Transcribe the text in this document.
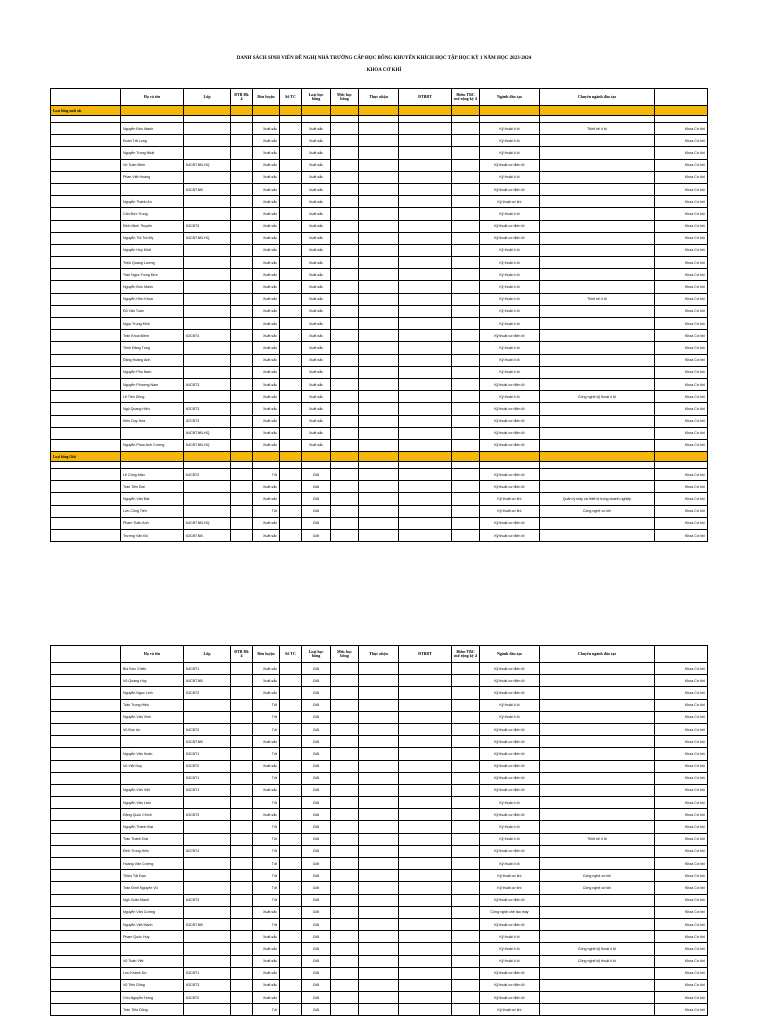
DANH SÁCH SINH VIÊN ĐỀ NGHỊ NHÀ TRƯỜNG CẤP HỌC BỔNG KHUYẾN KHÍCH HỌC TẬP HỌC KỲ 1 NĂM HỌC 2023-2024
KHOA CƠ KHÍ
	Họ và tên	Lớp	ĐTB Hk 4	Rèn luyện	Số TC	Loại học bổng	Mức học bổng	Thực nhận	ĐTBĐT	Điểm TBC mở rộng kỳ 4	Ngành đào tạo	Chuyên ngành đào tạo	
Loại bổng xuất sắc													

	Nguyễn Đức Mạnh			Xuất sắc		Xuất sắc					Kỹ thuật ô tô	Thiết kế ô tô	Khoa Cơ khí
	Đoàn Tất Long			Xuất sắc		Xuất sắc					Kỹ thuật ô tô		Khoa Cơ khí
	Nguyễn Trọng Nhật			Xuất sắc		Xuất sắc					Kỹ thuật ô tô		Khoa Cơ khí
	Vũ Tuấn Minh	64CBT.NB-HQ		Xuất sắc		Xuất sắc					Kỹ thuật cơ điện tử		Khoa Cơ khí
	Phan Việt Hoàng			Xuất sắc		Xuất sắc					Kỹ thuật ô tô		Khoa Cơ khí
		63CBT.NB		Xuất sắc		Xuất sắc					Kỹ thuật cơ điện tử		Khoa Cơ khí
	Nguyễn Thành An			Xuất sắc		Xuất sắc					Kỹ thuật cơ khí		Khoa Cơ khí
	Cấn Đức Trung			Xuất sắc		Xuất sắc					Kỹ thuật ô tô		Khoa Cơ khí
	Đinh Minh Thuyên	63CBT3		Xuất sắc		Xuất sắc					Kỹ thuật cơ điện tử		Khoa Cơ khí
	Nguyễn Thị Trà My	64CBT.NB-HQ		Xuất sắc		Xuất sắc					Kỹ thuật cơ điện tử		Khoa Cơ khí
	Nguyễn Huy Khải			Xuất sắc		Xuất sắc					Kỹ thuật ô tô		Khoa Cơ khí
	Triệu Quang Lương			Xuất sắc		Xuất sắc					Kỹ thuật ô tô		Khoa Cơ khí
	Trần Ngọc Trung Đức			Xuất sắc		Xuất sắc					Kỹ thuật ô tô		Khoa Cơ khí
	Nguyễn Đức Mạnh			Xuất sắc		Xuất sắc					Kỹ thuật ô tô		Khoa Cơ khí
	Nguyễn Hữu Khoa			Xuất sắc		Xuất sắc					Kỹ thuật ô tô	Thiết kế ô tô	Khoa Cơ khí
	Đỗ Văn Toàn			Xuất sắc		Xuất sắc					Kỹ thuật ô tô		Khoa Cơ khí
	Ngọc Trung Khôi			Xuất sắc		Xuất sắc					Kỹ thuật ô tô		Khoa Cơ khí
	Trần Khoa Điềm	63CBT4		Xuất sắc		Xuất sắc					Kỹ thuật cơ điện tử		Khoa Cơ khí
	Trịnh Đăng Tùng			Xuất sắc		Xuất sắc					Kỹ thuật ô tô		Khoa Cơ khí
	Đặng Hoàng Anh			Xuất sắc		Xuất sắc					Kỹ thuật ô tô		Khoa Cơ khí
	Nguyễn Phú Nam			Xuất sắc		Xuất sắc					Kỹ thuật ô tô		Khoa Cơ khí
	Nguyễn Phương Nam	64CBT3		Xuất sắc		Xuất sắc					Kỹ thuật cơ điện tử		Khoa Cơ khí
	Lê Tiến Dũng			Xuất sắc		Xuất sắc					Kỹ thuật ô tô	Công nghệ kỹ thuật ô tô	Khoa Cơ khí
	Ngô Quang Hiếu	62CBT3		Xuất sắc		Xuất sắc					Kỹ thuật cơ điện tử		Khoa Cơ khí
	Kiều Duy Hòa	62CBT3		Xuất sắc		Xuất sắc					Kỹ thuật cơ điện tử		Khoa Cơ khí
		64CBT.NB-HQ		Xuất sắc		Xuất sắc					Kỹ thuật cơ điện tử		Khoa Cơ khí
	Nguyễn Phan Anh Cường	64CBT.NB-HQ		Xuất sắc		Xuất sắc					Kỹ thuật cơ điện tử		Khoa Cơ khí
Loại bổng Giỏi													

	Lê Công Mậu	64CBT2		Tốt		Giỏi					Kỹ thuật cơ điện tử		Khoa Cơ khí
	Trần Tiến Đạt			Xuất sắc		Giỏi					Kỹ thuật cơ điện tử		Khoa Cơ khí
	Nguyễn Văn Đạt			Xuất sắc		Giỏi					Kỹ thuật cơ khí	Quản lý máy và thiết bị trong doanh nghiệp	Khoa Cơ khí
	Lưu Công Tiến			Tốt		Giỏi					Kỹ thuật cơ khí	Công nghệ cơ khí	Khoa Cơ khí
	Phạm Tuấn Anh	64CBT.NB-HQ		Xuất sắc		Giỏi					Kỹ thuật cơ điện tử		Khoa Cơ khí
	Trương Văn Đô	63CBT.NB		Xuất sắc		Giỏi					Kỹ thuật cơ điện tử		Khoa Cơ khí
	Họ và tên	Lớp	ĐTB Hk 4	Rèn luyện	Số TC	Loại học bổng	Mức học bổng	Thực nhận	ĐTBĐT	Điểm TBC mở rộng kỳ 4	Ngành đào tạo	Chuyên ngành đào tạo	
	Bùi Đức Chiến	64CBT1		Xuất sắc		Giỏi					Kỹ thuật cơ điện tử		Khoa Cơ khí
	Vũ Quang Huy	64CBT.NB		Xuất sắc		Giỏi					Kỹ thuật cơ điện tử		Khoa Cơ khí
	Nguyễn Ngọc Linh	63CBT2		Xuất sắc		Giỏi					Kỹ thuật cơ điện tử		Khoa Cơ khí
	Trần Trọng Hiếu			Tốt		Giỏi					Kỹ thuật ô tô		Khoa Cơ khí
	Nguyễn Văn Vinh			Tốt		Giỏi					Kỹ thuật ô tô		Khoa Cơ khí
	Vũ Đức An	64CBT2		Tốt		Giỏi					Kỹ thuật cơ điện tử		Khoa Cơ khí
		63CBT.NB		Xuất sắc		Giỏi					Kỹ thuật cơ điện tử		Khoa Cơ khí
	Nguyễn Văn Hoàn	63CBT1		Tốt		Giỏi					Kỹ thuật cơ điện tử		Khoa Cơ khí
	Vũ Việt Duy	63CBT2		Xuất sắc		Giỏi					Kỹ thuật cơ điện tử		Khoa Cơ khí
		63CBT1		Tốt		Giỏi					Kỹ thuật cơ điện tử		Khoa Cơ khí
	Nguyễn Văn Việt	64CBT1		Xuất sắc		Giỏi					Kỹ thuật cơ điện tử		Khoa Cơ khí
	Nguyễn Văn Lâm			Tốt		Giỏi					Kỹ thuật ô tô		Khoa Cơ khí
	Đặng Quốc Chính	63CBT3		Xuất sắc		Giỏi					Kỹ thuật cơ điện tử		Khoa Cơ khí
	Nguyễn Thành Đạt			Tốt		Giỏi					Kỹ thuật ô tô		Khoa Cơ khí
	Trần Thành Đạt			Tốt		Giỏi					Kỹ thuật ô tô	Thiết kế ô tô	Khoa Cơ khí
	Đinh Trung Hiếu	62CBT4		Tốt		Giỏi					Kỹ thuật cơ điện tử		Khoa Cơ khí
	Hoàng Văn Cường			Tốt		Giỏi					Kỹ thuật ô tô		Khoa Cơ khí
	Thiều Tất Đạo			Tốt		Giỏi					Kỹ thuật cơ khí	Công nghệ cơ khí	Khoa Cơ khí
	Trần Đình Nguyên Vũ			Tốt		Giỏi					Kỹ thuật cơ khí	Công nghệ cơ khí	Khoa Cơ khí
	Ngô Xuân Mạnh	64CBT3		Tốt		Giỏi					Kỹ thuật cơ điện tử		Khoa Cơ khí
	Nguyễn Văn Cường			Xuất sắc		Giỏi					Công nghệ chế tạo máy		Khoa Cơ khí
	Nguyễn Viết Mạnh	63CBT.NB		Tốt		Giỏi					Kỹ thuật cơ điện tử		Khoa Cơ khí
	Phạm Quốc Huy			Xuất sắc		Giỏi					Kỹ thuật ô tô		Khoa Cơ khí
				Xuất sắc		Giỏi					Kỹ thuật ô tô	Công nghệ kỹ thuật ô tô	Khoa Cơ khí
	Vũ Tuấn Việt			Xuất sắc		Giỏi					Kỹ thuật ô tô	Công nghệ kỹ thuật ô tô	Khoa Cơ khí
	Lưu Khánh Dư	63CBT1		Xuất sắc		Giỏi					Kỹ thuật cơ điện tử		Khoa Cơ khí
	Vũ Tiến Dũng	63CBT3		Xuất sắc		Giỏi					Kỹ thuật cơ điện tử		Khoa Cơ khí
	Chu Nguyễn Hưng	63CBT2		Xuất sắc		Giỏi					Kỹ thuật cơ điện tử		Khoa Cơ khí
	Trần Tiến Dũng			Tốt		Giỏi					Kỹ thuật cơ khí		Khoa Cơ khí
